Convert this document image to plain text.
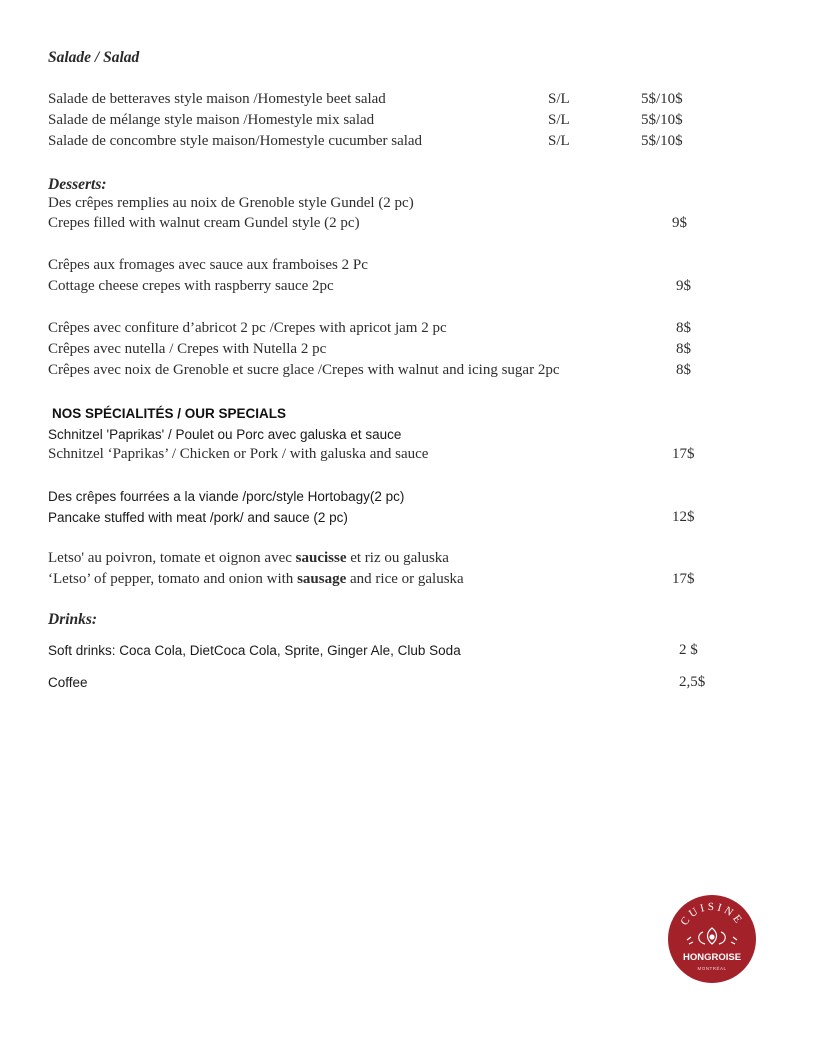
Salade / Salad
Salade de betteraves style maison /Homestyle beet salad	S/L	5$/10$
Salade de mélange style maison /Homestyle mix salad	S/L	5$/10$
Salade de concombre style maison/Homestyle cucumber salad	S/L	5$/10$
Desserts:
Des crêpes remplies au noix de Grenoble style Gundel (2 pc)
Crepes filled with walnut cream Gundel style (2 pc)	9$
Crêpes aux fromages avec sauce aux framboises 2 Pc
Cottage cheese crepes with raspberry sauce 2pc	9$
Crêpes avec confiture d’abricot 2 pc /Crepes with apricot jam 2 pc	8$
Crêpes avec nutella / Crepes with Nutella 2 pc	8$
Crêpes avec noix de Grenoble et sucre glace /Crepes with walnut and icing sugar 2pc	8$
NOS SPÉCIALITÉS / OUR SPECIALS
Schnitzel 'Paprikas' / Poulet ou Porc avec galuska et sauce
Schnitzel ‘Paprikas’ / Chicken or Pork / with galuska and sauce	17$
Des crêpes fourrées a la viande /porc/style Hortobagy(2 pc)
Pancake stuffed with meat /pork/ and sauce (2 pc)	12$
Letso' au poivron, tomate et oignon avec saucisse et riz ou galuska
‘Letso’ of pepper, tomato and onion with sausage and rice or galuska	17$
Drinks:
Soft drinks: Coca Cola, DietCoca Cola, Sprite, Ginger Ale, Club Soda	2 $
Coffee	2,5$
CUISINE
HONGROISE
MONTRÉAL
